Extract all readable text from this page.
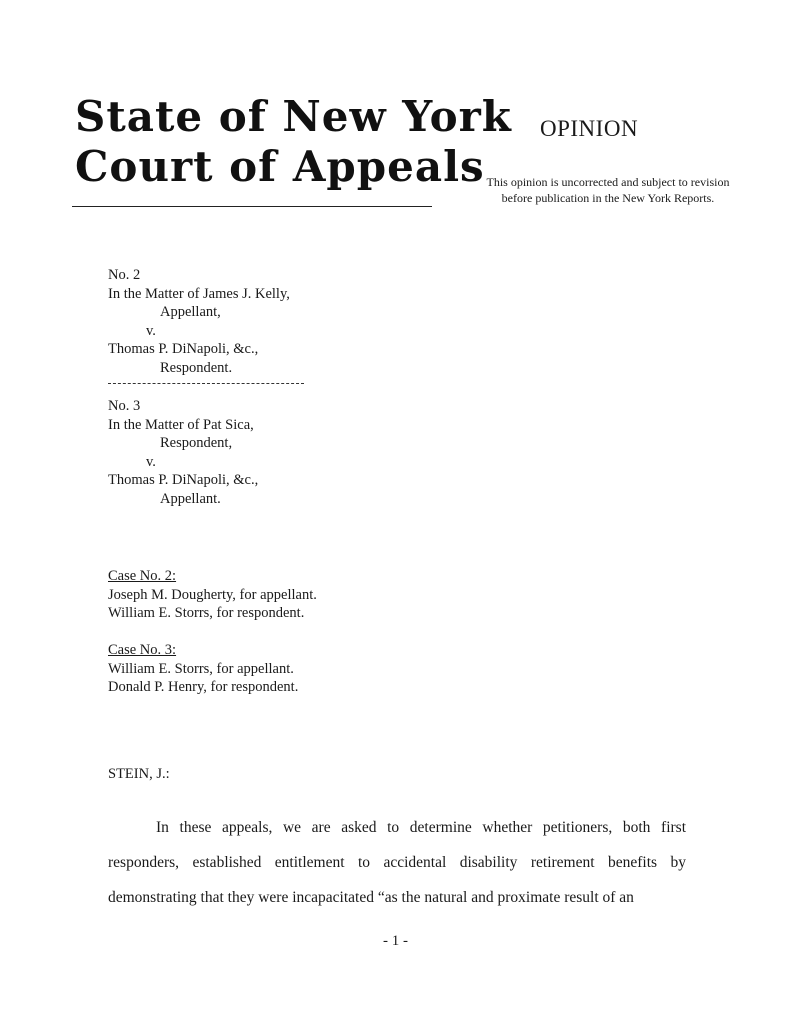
State of New York
Court of Appeals
OPINION
This opinion is uncorrected and subject to revision
before publication in the New York Reports.
No. 2
In the Matter of James J. Kelly,
Appellant,
v.
Thomas P. DiNapoli, &c.,
Respondent.
No. 3
In the Matter of Pat Sica,
Respondent,
v.
Thomas P. DiNapoli, &c.,
Appellant.
Case No. 2:
Joseph M. Dougherty, for appellant.
William E. Storrs, for respondent.
Case No. 3:
William E. Storrs, for appellant.
Donald P. Henry, for respondent.
STEIN, J.:
In these appeals, we are asked to determine whether petitioners, both first responders, established entitlement to accidental disability retirement benefits by demonstrating that they were incapacitated “as the natural and proximate result of an
- 1 -
